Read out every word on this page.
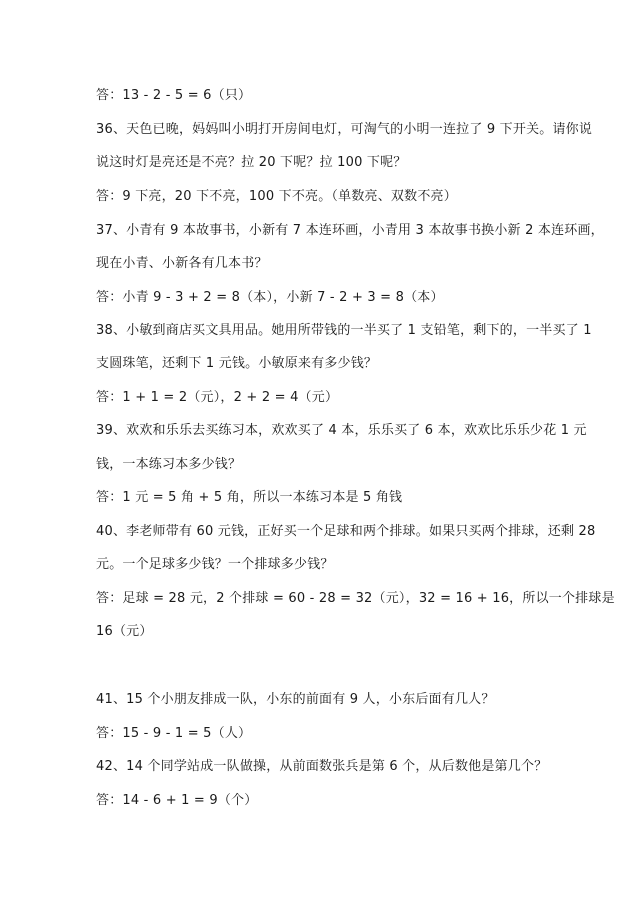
答：13 - 2 - 5 = 6（只）
36、天色已晚，妈妈叫小明打开房间电灯，可淘气的小明一连拉了 9 下开关。请你说
说这时灯是亮还是不亮？拉 20 下呢？拉 100 下呢？
答：9 下亮，20 下不亮，100 下不亮。（单数亮、双数不亮）
37、小青有 9 本故事书，小新有 7 本连环画，小青用 3 本故事书换小新 2 本连环画，
现在小青、小新各有几本书？
答：小青 9 - 3 + 2 = 8（本），小新 7 - 2 + 3 = 8（本）
38、小敏到商店买文具用品。她用所带钱的一半买了 1 支铅笔，剩下的，一半买了 1
支圆珠笔，还剩下 1 元钱。小敏原来有多少钱？
答：1 + 1 = 2（元），2 + 2 = 4（元）
39、欢欢和乐乐去买练习本，欢欢买了 4 本，乐乐买了 6 本，欢欢比乐乐少花 1 元
钱，一本练习本多少钱？
答：1 元 = 5 角 + 5 角，所以一本练习本是 5 角钱
40、李老师带有 60 元钱，正好买一个足球和两个排球。如果只买两个排球，还剩 28
元。一个足球多少钱？一个排球多少钱？
答：足球 = 28 元，2 个排球 = 60 - 28 = 32（元），32 = 16 + 16，所以一个排球是
16（元）
41、15 个小朋友排成一队，小东的前面有 9 人，小东后面有几人？
答：15 - 9 - 1 = 5（人）
42、14 个同学站成一队做操，从前面数张兵是第 6 个，从后数他是第几个？
答：14 - 6 + 1 = 9（个）
